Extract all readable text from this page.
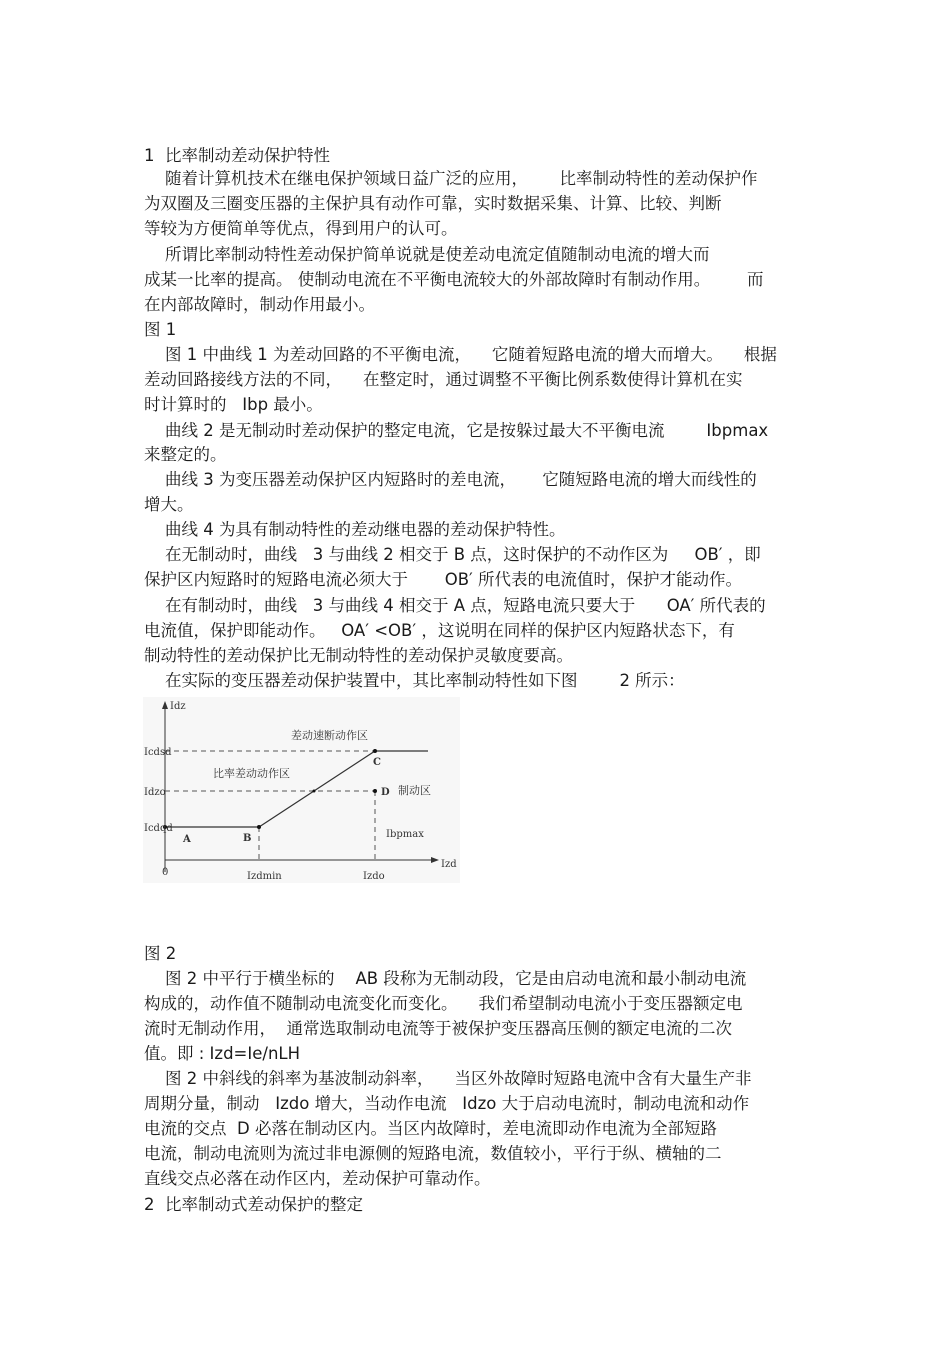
1  比率制动差动保护特性

随着计算机技术在继电保护领域日益广泛的应用，      比率制动特性的差动保护作

为双圈及三圈变压器的主保护具有动作可靠，实时数据采集、计算、比较、判断

等较为方便简单等优点，得到用户的认可。

所谓比率制动特性差动保护简单说就是使差动电流定值随制动电流的增大而

成某一比率的提高。 使制动电流在不平衡电流较大的外部故障时有制动作用。       而

在内部故障时，制动作用最小。

图 1

图 1 中曲线 1 为差动回路的不平衡电流，    它随着短路电流的增大而增大。    根据

差动回路接线方法的不同，    在整定时，通过调整不平衡比例系数使得计算机在实

时计算时的   Ibp 最小。

曲线 2 是无制动时差动保护的整定电流，它是按躲过最大不平衡电流        Ibpmax

来整定的。

曲线 3 为变压器差动保护区内短路时的差电流，     它随短路电流的增大而线性的

增大。

曲线 4 为具有制动特性的差动继电器的差动保护特性。

在无制动时，曲线   3 与曲线 2 相交于 B 点，这时保护的不动作区为     OB′ ，即

保护区内短路时的短路电流必须大于       OB′ 所代表的电流值时，保护才能动作。

在有制动时，曲线   3 与曲线 4 相交于 A 点，短路电流只要大于      OA′ 所代表的

电流值，保护即能动作。   OA′ <OB′ ，这说明在同样的保护区内短路状态下，有

制动特性的差动保护比无制动特性的差动保护灵敏度要高。

在实际的变压器差动保护装置中，其比率制动特性如下图        2 所示：

Idz
Izd
0
Icdsd
Idzo
Icdqd
Izdmin	Izdo
差动速断动作区
比率差动动作区
制动区
A	B
C
D
Ibpmax

图 2

图 2 中平行于横坐标的    AB 段称为无制动段，它是由启动电流和最小制动电流

构成的，动作值不随制动电流变化而变化。    我们希望制动电流小于变压器额定电

流时无制动作用，  通常选取制动电流等于被保护变压器高压侧的额定电流的二次

值。即 : Izd=Ie/nLH

图 2 中斜线的斜率为基波制动斜率，    当区外故障时短路电流中含有大量生产非

周期分量，制动   Izdo 增大，当动作电流   Idzo 大于启动电流时，制动电流和动作

电流的交点  D 必落在制动区内。当区内故障时，差电流即动作电流为全部短路

电流，制动电流则为流过非电源侧的短路电流，数值较小，平行于纵、横轴的二

直线交点必落在动作区内，差动保护可靠动作。

2  比率制动式差动保护的整定
